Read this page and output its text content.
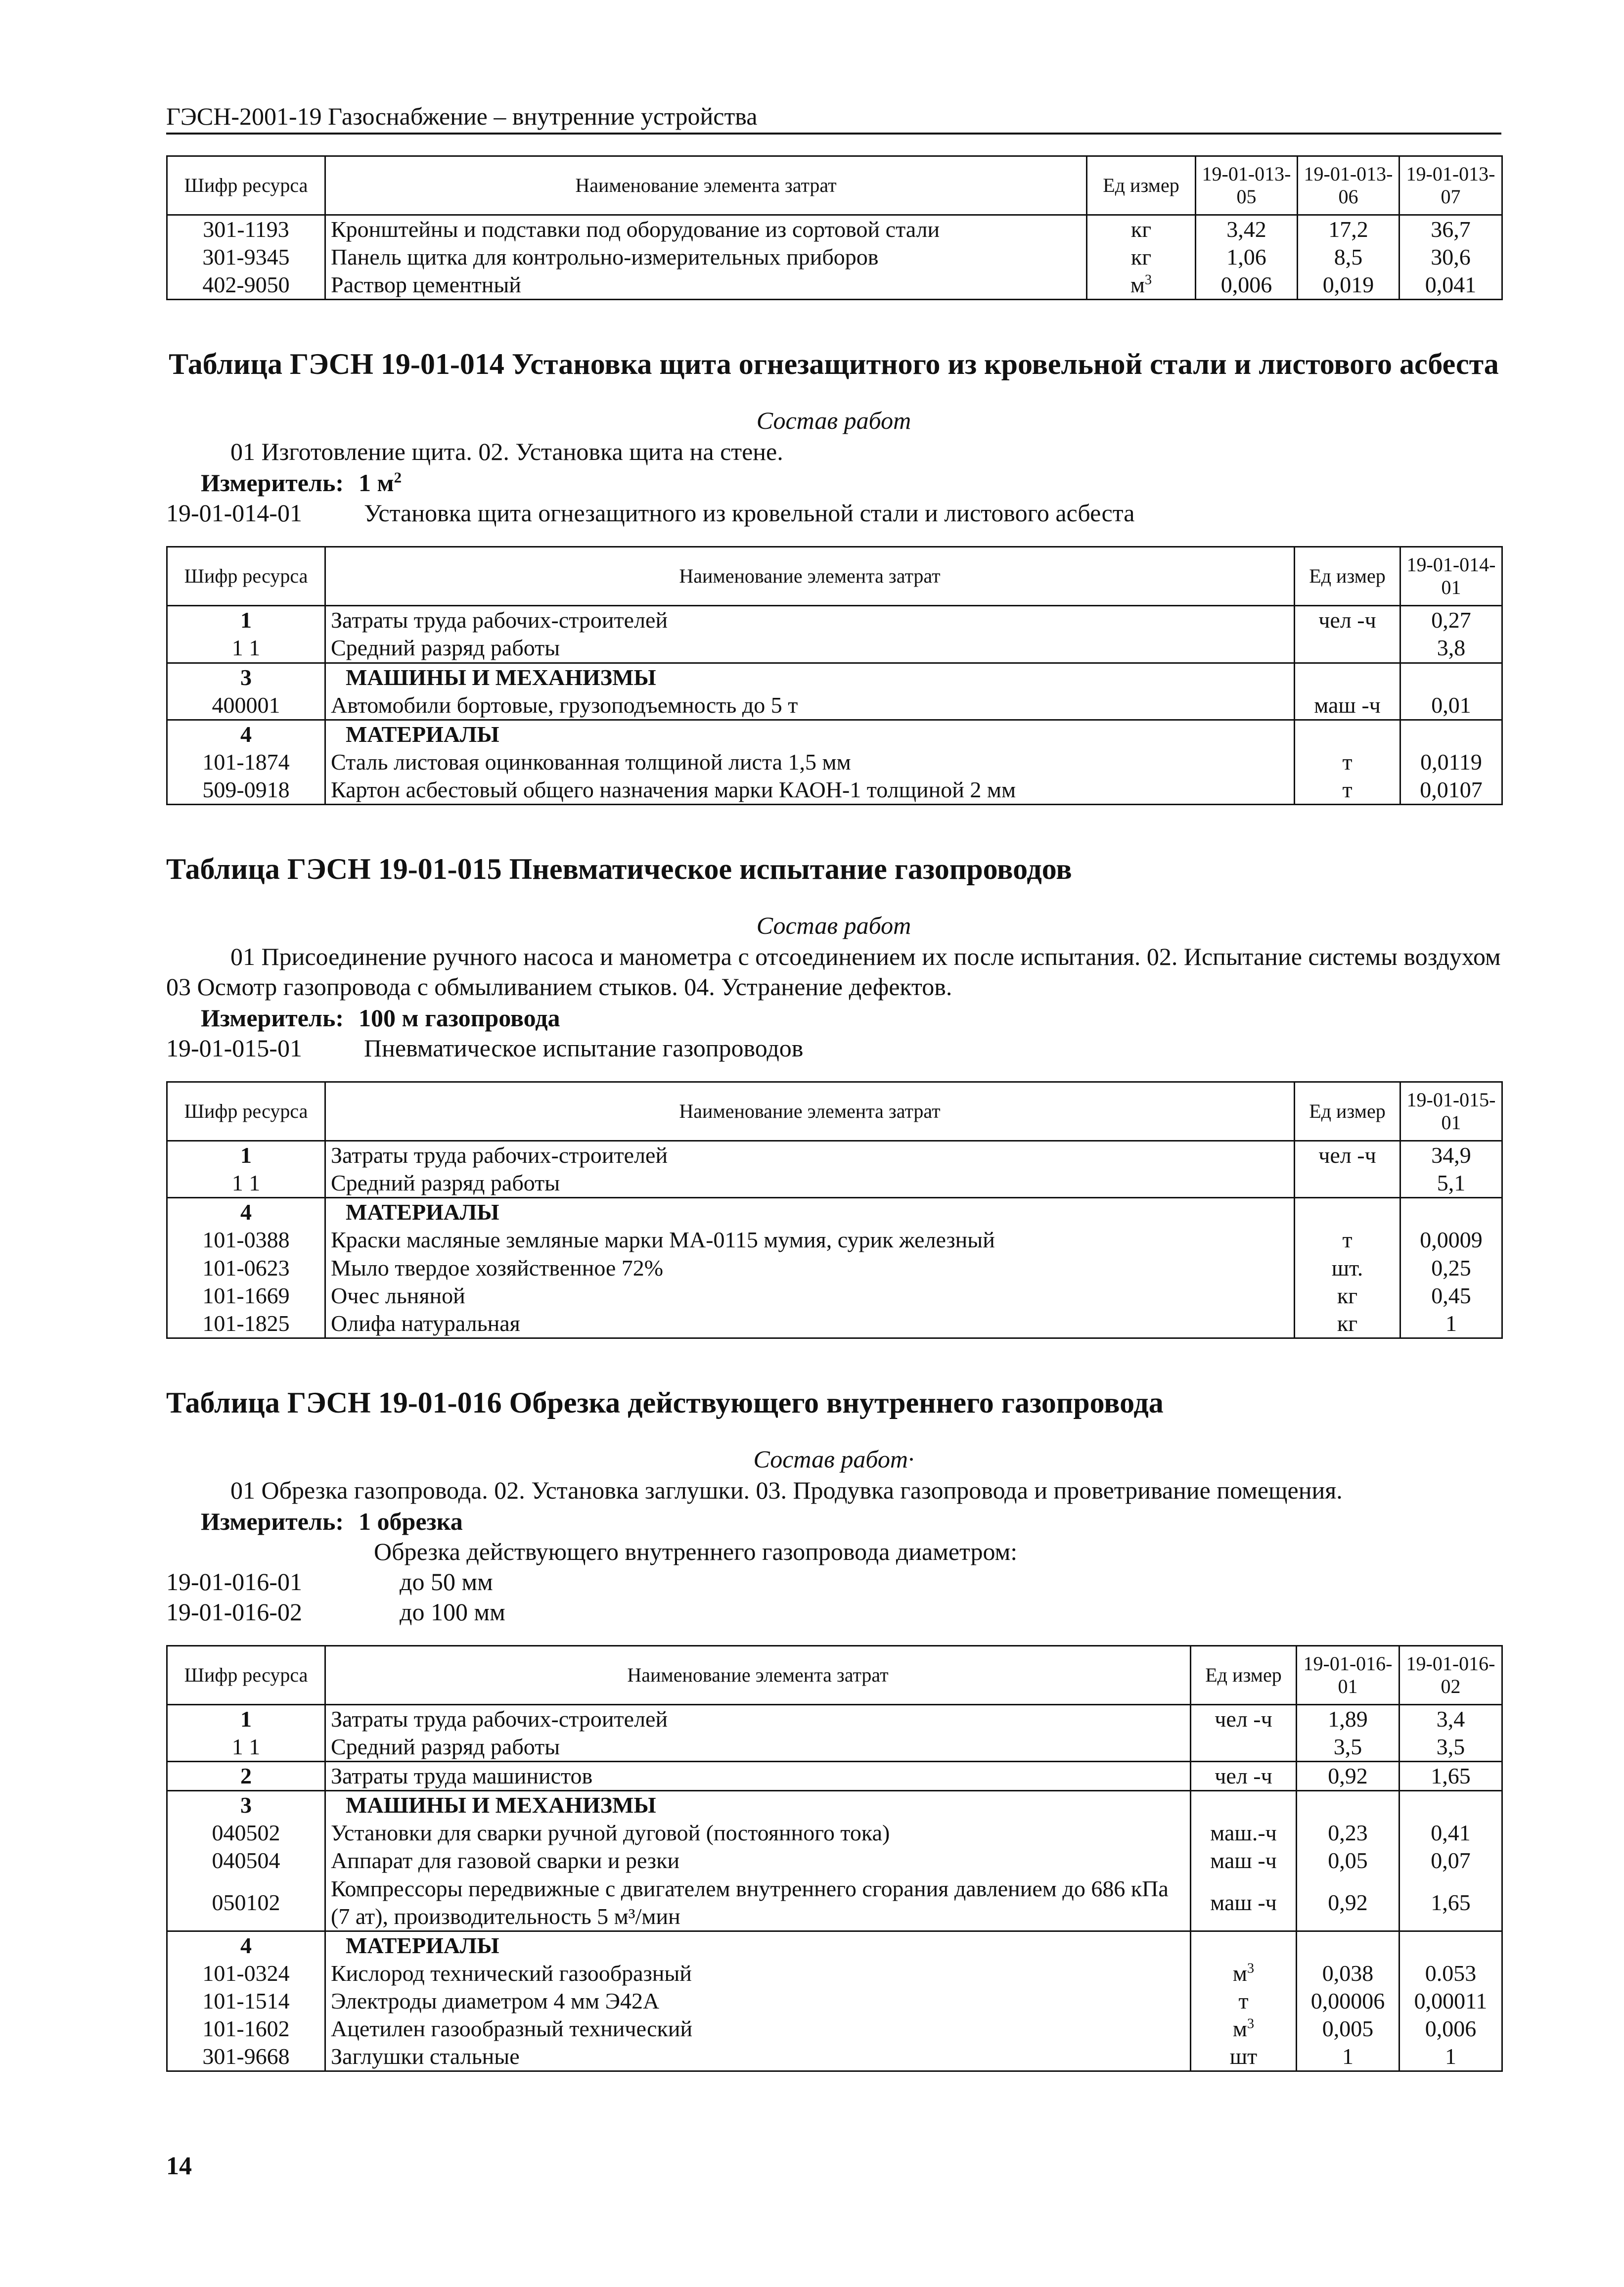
ГЭСН-2001-19 Газоснабжение – внутренние устройства
Шифр ресурса	Наименование элемента затрат	Ед измер	19-01-013-05	19-01-013-06	19-01-013-07
301-1193	Кронштейны и подставки под оборудование из сортовой стали	кг	3,42	17,2	36,7
301-9345	Панель щитка для контрольно-измерительных приборов	кг	1,06	8,5	30,6
402-9050	Раствор цементный	$м^3$	0,006	0,019	0,041
Таблица ГЭСН 19-01-014 Установка щита огнезащитного из кровельной стали и листового асбеста
Состав работ
01 Изготовление щита. 02. Установка щита на стене.
Измеритель: 1 $м^2$
19-01-014-01	Установка щита огнезащитного из кровельной стали и листового асбеста
Шифр ресурса	Наименование элемента затрат	Ед измер	19-01-014-01
1	Затраты труда рабочих-строителей	чел -ч	0,27
1 1	Средний разряд работы		3,8
3	МАШИНЫ И МЕХАНИЗМЫ		
400001	Автомобили бортовые, грузоподъемность до 5 т	маш -ч	0,01
4	МАТЕРИАЛЫ		
101-1874	Сталь листовая оцинкованная толщиной листа 1,5 мм	т	0,0119
509-0918	Картон асбестовый общего назначения марки КАОН-1 толщиной 2 мм	т	0,0107
Таблица ГЭСН 19-01-015 Пневматическое испытание газопроводов
Состав работ
01 Присоединение ручного насоса и манометра с отсоединением их после испытания. 02. Испытание системы воздухом 03 Осмотр газопровода с обмыливанием стыков. 04. Устранение дефектов.
Измеритель: 100 м газопровода
19-01-015-01	Пневматическое испытание газопроводов
Шифр ресурса	Наименование элемента затрат	Ед измер	19-01-015-01
1	Затраты труда рабочих-строителей	чел -ч	34,9
1 1	Средний разряд работы		5,1
4	МАТЕРИАЛЫ		
101-0388	Краски масляные земляные марки МА-0115 мумия, сурик железный	т	0,0009
101-0623	Мыло твердое хозяйственное 72%	шт.	0,25
101-1669	Очес льняной	кг	0,45
101-1825	Олифа натуральная	кг	1
Таблица ГЭСН 19-01-016 Обрезка действующего внутреннего газопровода
Состав работ·
01 Обрезка газопровода. 02. Установка заглушки. 03. Продувка газопровода и проветривание помещения.
Измеритель: 1 обрезка
Обрезка действующего внутреннего газопровода диаметром:
19-01-016-01	до 50 мм
19-01-016-02	до 100 мм
Шифр ресурса	Наименование элемента затрат	Ед измер	19-01-016-01	19-01-016-02
1	Затраты труда рабочих-строителей	чел -ч	1,89	3,4
1 1	Средний разряд работы		3,5	3,5
2	Затраты труда машинистов	чел -ч	0,92	1,65
3	МАШИНЫ И МЕХАНИЗМЫ			
040502	Установки для сварки ручной дуговой (постоянного тока)	маш.-ч	0,23	0,41
040504	Аппарат для газовой сварки и резки	маш -ч	0,05	0,07
050102	Компрессоры передвижные с двигателем внутреннего сгорания давлением до 686 кПа (7 ат), производительность 5 м³/мин	маш -ч	0,92	1,65
4	МАТЕРИАЛЫ			
101-0324	Кислород технический газообразный	$м^3$	0,038	0.053
101-1514	Электроды диаметром 4 мм Э42А	т	0,00006	0,00011
101-1602	Ацетилен газообразный технический	$м^3$	0,005	0,006
301-9668	Заглушки стальные	шт	1	1
14
